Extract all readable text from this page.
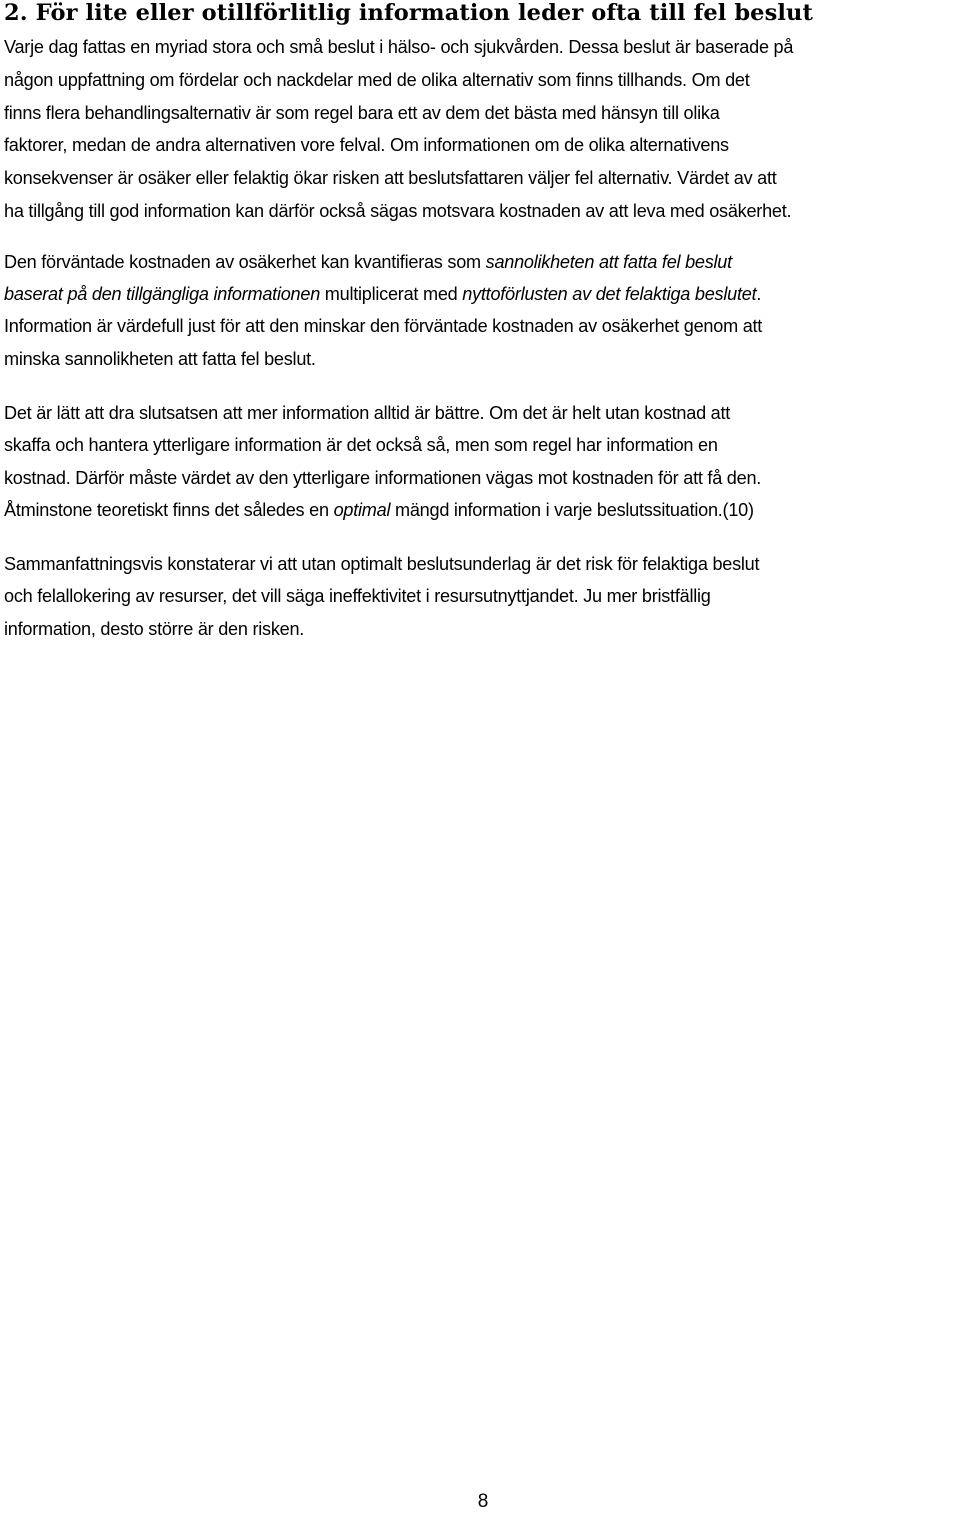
2. För lite eller otillförlitlig information leder ofta till fel beslut

Varje dag fattas en myriad stora och små beslut i hälso- och sjukvården. Dessa beslut är baserade på
någon uppfattning om fördelar och nackdelar med de olika alternativ som finns tillhands. Om det
finns flera behandlingsalternativ är som regel bara ett av dem det bästa med hänsyn till olika
faktorer, medan de andra alternativen vore felval. Om informationen om de olika alternativens
konsekvenser är osäker eller felaktig ökar risken att beslutsfattaren väljer fel alternativ. Värdet av att
ha tillgång till god information kan därför också sägas motsvara kostnaden av att leva med osäkerhet.

Den förväntade kostnaden av osäkerhet kan kvantifieras som sannolikheten att fatta fel beslut
baserat på den tillgängliga informationen multiplicerat med nyttoförlusten av det felaktiga beslutet.
Information är värdefull just för att den minskar den förväntade kostnaden av osäkerhet genom att
minska sannolikheten att fatta fel beslut.

Det är lätt att dra slutsatsen att mer information alltid är bättre. Om det är helt utan kostnad att
skaffa och hantera ytterligare information är det också så, men som regel har information en
kostnad. Därför måste värdet av den ytterligare informationen vägas mot kostnaden för att få den.
Åtminstone teoretiskt finns det således en optimal mängd information i varje beslutssituation.(10)

Sammanfattningsvis konstaterar vi att utan optimalt beslutsunderlag är det risk för felaktiga beslut
och felallokering av resurser, det vill säga ineffektivitet i resursutnyttjandet. Ju mer bristfällig
information, desto större är den risken.

8
